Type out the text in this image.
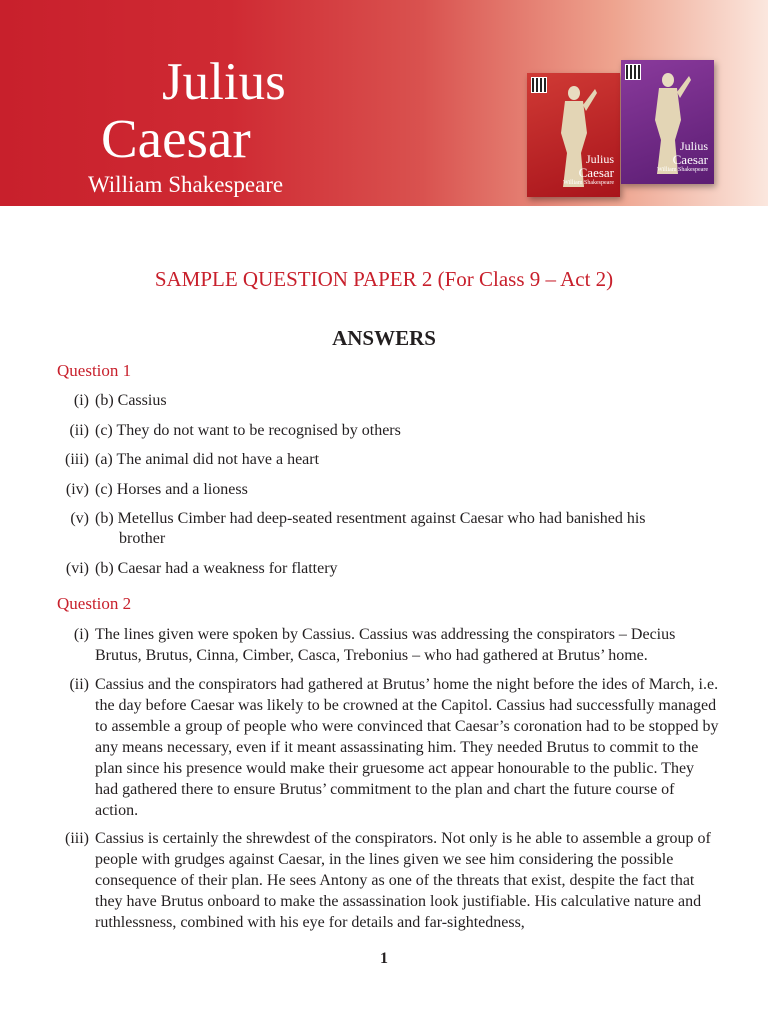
Julius
Caesar
William Shakespeare
Julius
Caesar
William Shakespeare
Julius
Caesar
William Shakespeare
SAMPLE QUESTION PAPER 2 (For Class 9 – Act 2)
ANSWERS
Question 1
(i) (b) Cassius
(ii) (c) They do not want to be recognised by others
(iii) (a) The animal did not have a heart
(iv) (c) Horses and a lioness
(v) (b) Metellus Cimber had deep-seated resentment against Caesar who had banished his
brother
(vi) (b) Caesar had a weakness for flattery
Question 2
(i) The lines given were spoken by Cassius. Cassius was addressing the conspirators – Decius Brutus, Brutus, Cinna, Cimber, Casca, Trebonius – who had gathered at Brutus’ home.
(ii) Cassius and the conspirators had gathered at Brutus’ home the night before the ides of March, i.e. the day before Caesar was likely to be crowned at the Capitol. Cassius had successfully managed to assemble a group of people who were convinced that Caesar’s coronation had to be stopped by any means necessary, even if it meant assassinating him. They needed Brutus to commit to the plan since his presence would make their gruesome act appear honourable to the public. They had gathered there to ensure Brutus’ commitment to the plan and chart the future course of action.
(iii) Cassius is certainly the shrewdest of the conspirators. Not only is he able to assemble a group of people with grudges against Caesar, in the lines given we see him considering the possible consequence of their plan. He sees Antony as one of the threats that exist, despite the fact that they have Brutus onboard to make the assassination look justifiable. His calculative nature and ruthlessness, combined with his eye for details and far-sightedness,
1
